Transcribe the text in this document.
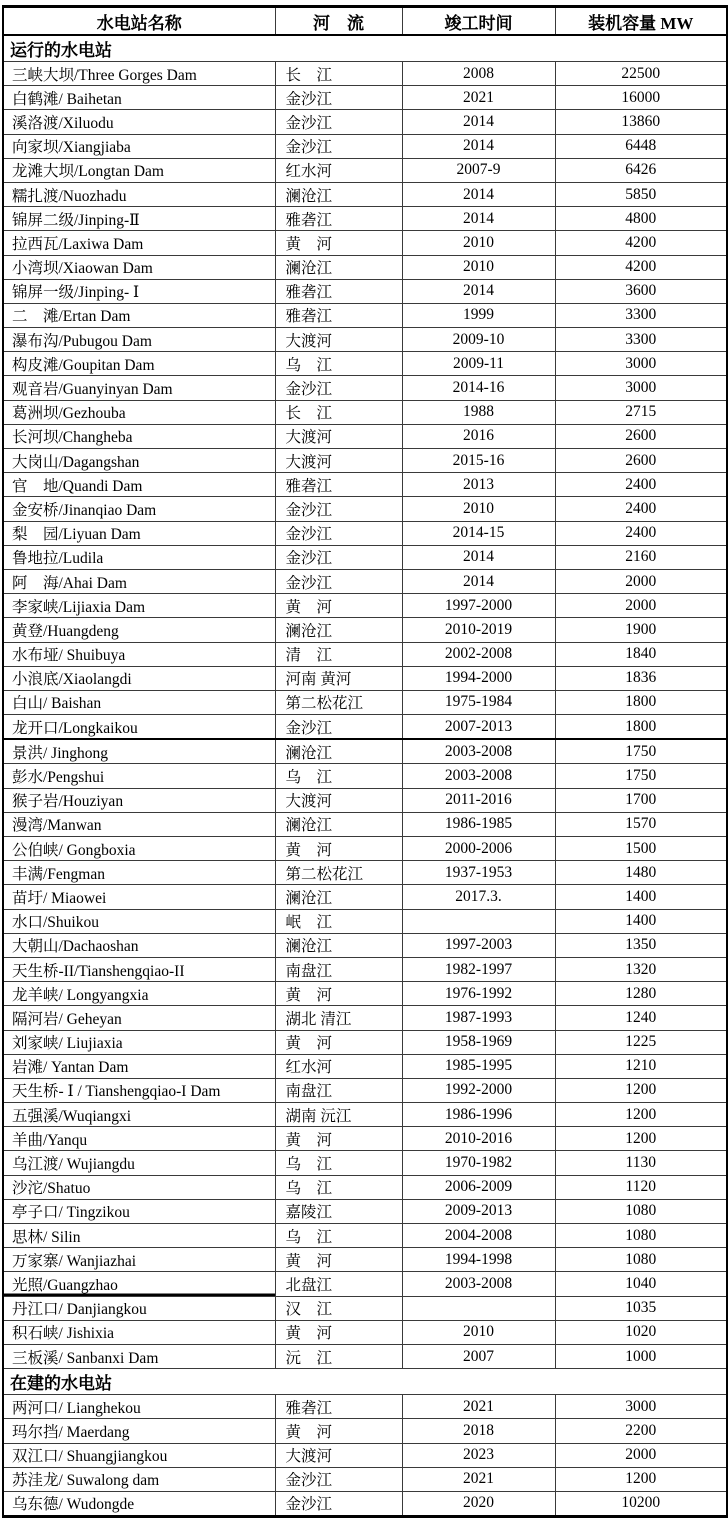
水电站名称	河　流	竣工时间	装机容量 MW
运行的水电站			
三峡大坝/Three Gorges Dam	长　江	2008	22500
白鹤滩/ Baihetan	金沙江	2021	16000
溪洛渡/Xiluodu	金沙江	2014	13860
向家坝/Xiangjiaba	金沙江	2014	6448
龙滩大坝/Longtan Dam	红水河	2007-9	6426
糯扎渡/Nuozhadu	澜沧江	2014	5850
锦屏二级/Jinping-Ⅱ	雅砻江	2014	4800
拉西瓦/Laxiwa Dam	黄　河	2010	4200
小湾坝/Xiaowan Dam	澜沧江	2010	4200
锦屏一级/Jinping- Ⅰ	雅砻江	2014	3600
二　滩/Ertan Dam	雅砻江	1999	3300
瀑布沟/Pubugou Dam	大渡河	2009-10	3300
构皮滩/Goupitan Dam	乌　江	2009-11	3000
观音岩/Guanyinyan Dam	金沙江	2014-16	3000
葛洲坝/Gezhouba	长　江	1988	2715
长河坝/Changheba	大渡河	2016	2600
大岗山/Dagangshan	大渡河	2015-16	2600
官　地/Quandi Dam	雅砻江	2013	2400
金安桥/Jinanqiao Dam	金沙江	2010	2400
梨　园/Liyuan Dam	金沙江	2014-15	2400
鲁地拉/Ludila	金沙江	2014	2160
阿　海/Ahai Dam	金沙江	2014	2000
李家峡/Lijiaxia Dam	黄　河	1997-2000	2000
黄登/Huangdeng	澜沧江	2010-2019	1900
水布垭/ Shuibuya	清　江	2002-2008	1840
小浪底/Xiaolangdi	河南 黄河	1994-2000	1836
白山/ Baishan	第二松花江	1975-1984	1800
龙开口/Longkaikou	金沙江	2007-2013	1800
景洪/ Jinghong	澜沧江	2003-2008	1750
彭水/Pengshui	乌　江	2003-2008	1750
猴子岩/Houziyan	大渡河	2011-2016	1700
漫湾/Manwan	澜沧江	1986-1985	1570
公伯峡/ Gongboxia	黄　河	2000-2006	1500
丰满/Fengman	第二松花江	1937-1953	1480
苗圩/ Miaowei	澜沧江	2017.3.	1400
水口/Shuikou	岷　江		1400
大朝山/Dachaoshan	澜沧江	1997-2003	1350
天生桥-II/Tianshengqiao-II	南盘江	1982-1997	1320
龙羊峡/ Longyangxia	黄　河	1976-1992	1280
隔河岩/ Geheyan	湖北 清江	1987-1993	1240
刘家峡/ Liujiaxia	黄　河	1958-1969	1225
岩滩/ Yantan Dam	红水河	1985-1995	1210
天生桥- Ⅰ / Tianshengqiao-I Dam	南盘江	1992-2000	1200
五强溪/Wuqiangxi	湖南 沅江	1986-1996	1200
羊曲/Yanqu	黄　河	2010-2016	1200
乌江渡/ Wujiangdu	乌　江	1970-1982	1130
沙沱/Shatuo	乌　江	2006-2009	1120
亭子口/ Tingzikou	嘉陵江	2009-2013	1080
思林/ Silin	乌　江	2004-2008	1080
万家寨/ Wanjiazhai	黄　河	1994-1998	1080
光照/Guangzhao	北盘江	2003-2008	1040
丹江口/ Danjiangkou	汉　江		1035
积石峡/ Jishixia	黄　河	2010	1020
三板溪/ Sanbanxi Dam	沅　江	2007	1000
在建的水电站			
两河口/ Lianghekou	雅砻江	2021	3000
玛尔挡/ Maerdang	黄　河	2018	2200
双江口/ Shuangjiangkou	大渡河	2023	2000
苏洼龙/ Suwalong dam	金沙江	2021	1200
乌东德/ Wudongde	金沙江	2020	10200
